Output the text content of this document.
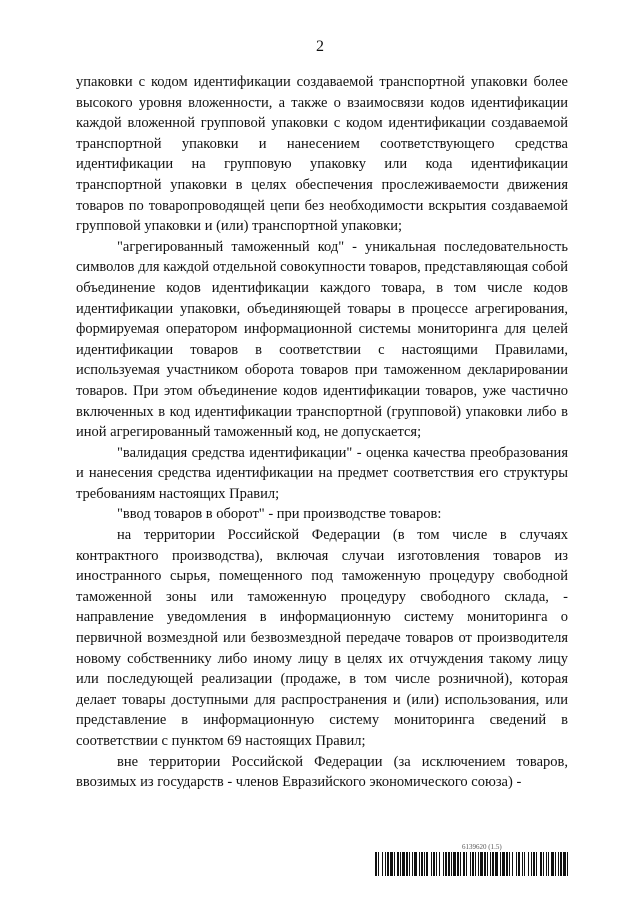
2

упаковки с кодом идентификации создаваемой транспортной упаковки более высокого уровня вложенности, а также о взаимосвязи кодов идентификации каждой вложенной групповой упаковки с кодом идентификации создаваемой транспортной упаковки и нанесением соответствующего средства идентификации на групповую упаковку или кода идентификации транспортной упаковки в целях обеспечения прослеживаемости движения товаров по товаропроводящей цепи без необходимости вскрытия создаваемой групповой упаковки и (или) транспортной упаковки;

"агрегированный таможенный код" - уникальная последовательность символов для каждой отдельной совокупности товаров, представляющая собой объединение кодов идентификации каждого товара, в том числе кодов идентификации упаковки, объединяющей товары в процессе агрегирования, формируемая оператором информационной системы мониторинга для целей идентификации товаров в соответствии с настоящими Правилами, используемая участником оборота товаров при таможенном декларировании товаров. При этом объединение кодов идентификации товаров, уже частично включенных в код идентификации транспортной (групповой) упаковки либо в иной агрегированный таможенный код, не допускается;

"валидация средства идентификации" - оценка качества преобразования и нанесения средства идентификации на предмет соответствия его структуры требованиям настоящих Правил;

"ввод товаров в оборот" - при производстве товаров:

на территории Российской Федерации (в том числе в случаях контрактного производства), включая случаи изготовления товаров из иностранного сырья, помещенного под таможенную процедуру свободной таможенной зоны или таможенную процедуру свободного склада, - направление уведомления в информационную систему мониторинга о первичной возмездной или безвозмездной передаче товаров от производителя новому собственнику либо иному лицу в целях их отчуждения такому лицу или последующей реализации (продаже, в том числе розничной), которая делает товары доступными для распространения и (или) использования, или представление в информационную систему мониторинга сведений в соответствии с пунктом 69 настоящих Правил;

вне территории Российской Федерации (за исключением товаров, ввозимых из государств - членов Евразийского экономического союза) -

6139620 (1.5)
